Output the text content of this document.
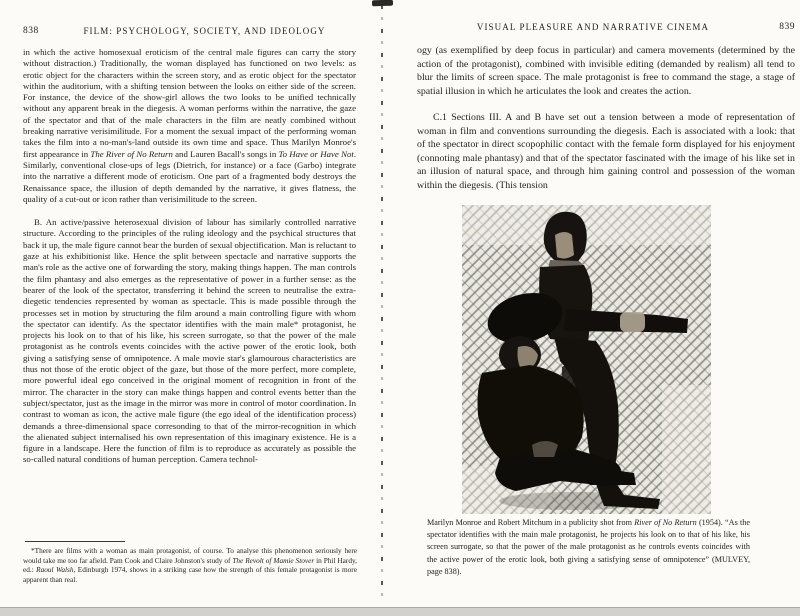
838	FILM: PSYCHOLOGY, SOCIETY, AND IDEOLOGY

in which the active homosexual eroticism of the central male figures can carry the story without distraction.) Traditionally, the woman displayed has functioned on two levels: as erotic object for the characters within the screen story, and as erotic object for the spectator within the auditorium, with a shifting tension between the looks on either side of the screen. For instance, the device of the show-girl allows the two looks to be unified technically without any apparent break in the diegesis. A woman performs within the narrative, the gaze of the spectator and that of the male characters in the film are neatly combined without breaking narrative verisimilitude. For a moment the sexual impact of the performing woman takes the film into a no-man's-land outside its own time and space. Thus Marilyn Monroe's first appearance in The River of No Return and Lauren Bacall's songs in To Have or Have Not. Similarly, conventional close-ups of legs (Dietrich, for instance) or a face (Garbo) integrate into the narrative a different mode of eroticism. One part of a fragmented body destroys the Renaissance space, the illusion of depth demanded by the narrative, it gives flatness, the quality of a cut-out or icon rather than verisimilitude to the screen.

B. An active/passive heterosexual division of labour has similarly controlled narrative structure. According to the principles of the ruling ideology and the psychical structures that back it up, the male figure cannot bear the burden of sexual objectification. Man is reluctant to gaze at his exhibitionist like. Hence the split between spectacle and narrative supports the man's role as the active one of forwarding the story, making things happen. The man controls the film phantasy and also emerges as the representative of power in a further sense: as the bearer of the look of the spectator, transferring it behind the screen to neutralise the extra-diegetic tendencies represented by woman as spectacle. This is made possible through the processes set in motion by structuring the film around a main controlling figure with whom the spectator can identify. As the spectator identifies with the main male* protagonist, he projects his look on to that of his like, his screen surrogate, so that the power of the male protagonist as he controls events coincides with the active power of the erotic look, both giving a satisfying sense of omnipotence. A male movie star's glamourous characteristics are thus not those of the erotic object of the gaze, but those of the more perfect, more complete, more powerful ideal ego conceived in the original moment of recognition in front of the mirror. The character in the story can make things happen and control events better than the subject/spectator, just as the image in the mirror was more in control of motor coordination. In contrast to woman as icon, the active male figure (the ego ideal of the identification process) demands a three-dimensional space corresonding to that of the mirror-recognition in which the alienated subject internalised his own representation of this imaginary existence. He is a figure in a landscape. Here the function of film is to reproduce as accurately as possible the so-called natural conditions of human perception. Camera technol-

*There are films with a woman as main protagonist, of course. To analyse this phenomenon seriously here would take me too far afield. Pam Cook and Claire Johnston's study of The Revolt of Mamie Stover in Phil Hardy, ed.: Raoul Walsh, Edinburgh 1974, shows in a striking case how the strength of this female protagonist is more apparent than real.

VISUAL PLEASURE AND NARRATIVE CINEMA	839

ogy (as exemplified by deep focus in particular) and camera movements (determined by the action of the protagonist), combined with invisible editing (demanded by realism) all tend to blur the limits of screen space. The male protagonist is free to command the stage, a stage of spatial illusion in which he articulates the look and creates the action.

C.1 Sections III. A and B have set out a tension between a mode of representation of woman in film and conventions surrounding the diegesis. Each is associated with a look: that of the spectator in direct scopophilic contact with the female form displayed for his enjoyment (connoting male phantasy) and that of the spectator fascinated with the image of his like set in an illusion of natural space, and through him gaining control and possession of the woman within the diegesis. (This tension

Marilyn Monroe and Robert Mitchum in a publicity shot from River of No Return (1954). “As the spectator identifies with the main male protagonist, he projects his look on to that of his like, his screen surrogate, so that the power of the male protagonist as he controls events coincides with the active power of the erotic look, both giving a satisfying sense of omnipotence” (MULVEY, page 838).
